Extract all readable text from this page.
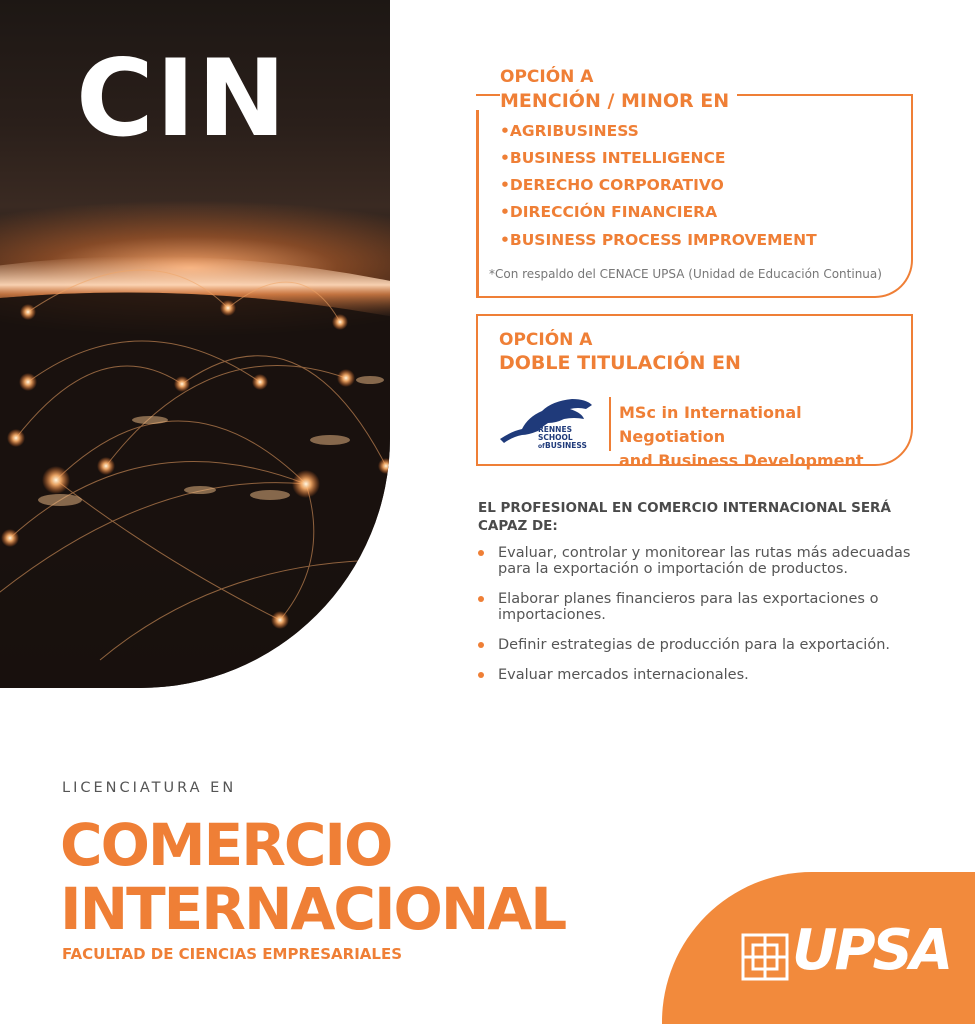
CIN	OPCIÓN A
MENCIÓN / MINOR EN
•AGRIBUSINESS
•BUSINESS INTELLIGENCE
•DERECHO CORPORATIVO
•DIRECCIÓN FINANCIERA
•BUSINESS PROCESS IMPROVEMENT
*Con respaldo del CENACE UPSA (Unidad de Educación Continua)
OPCIÓN A
DOBLE TITULACIÓN EN
RENNES
SCHOOL
of BUSINESS
MSc in International Negotiation
and Business Development
EL PROFESIONAL EN COMERCIO INTERNACIONAL SERÁ CAPAZ DE:
Evaluar, controlar y monitorear las rutas más adecuadas para la exportación o importación de productos.
Elaborar planes financieros para las exportaciones o importaciones.
Definir estrategias de producción para la exportación.
Evaluar mercados internacionales.
LICENCIATURA EN
COMERCIO
INTERNACIONAL
FACULTAD DE CIENCIAS EMPRESARIALES	UPSA
